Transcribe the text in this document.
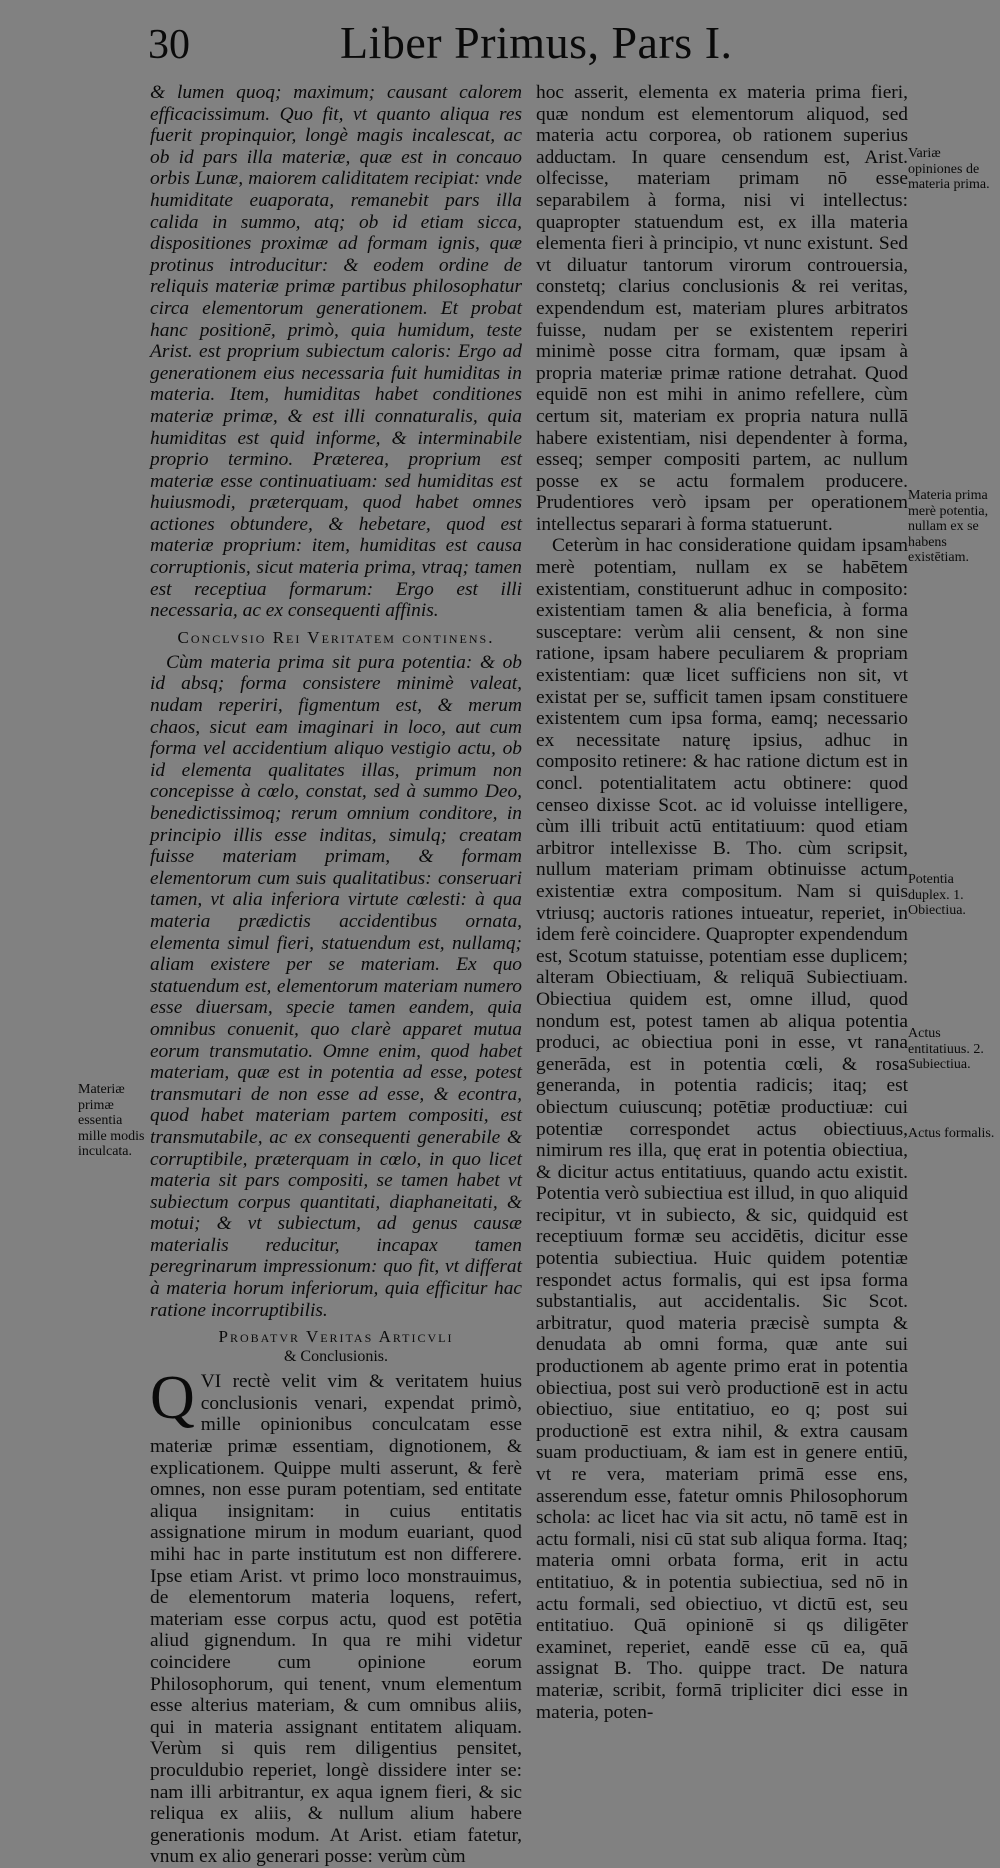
30	Liber Primus, Pars I.

& lumen quoq; maximum; causant calorem efficacissimum. Quo fit, vt quanto aliqua res fuerit propinquior, longè magis incalescat, ac ob id pars illa materiæ, quæ est in concauo orbis Lunæ, maiorem caliditatem recipiat: vnde humiditate euaporata, remanebit pars illa calida in summo, atq; ob id etiam sicca, dispositiones proximæ ad formam ignis, quæ protinus introducitur: & eodem ordine de reliquis materiæ primæ partibus philosophatur circa elementorum generationem. Et probat hanc positionē, primò, quia humidum, teste Arist. est proprium subiectum caloris: Ergo ad generationem eius necessaria fuit humiditas in materia. Item, humiditas habet conditiones materiæ primæ, & est illi connaturalis, quia humiditas est quid informe, & interminabile proprio termino. Præterea, proprium est materiæ esse continuatiuam: sed humiditas est huiusmodi, præterquam, quod habet omnes actiones obtundere, & hebetare, quod est materiæ proprium: item, humiditas est causa corruptionis, sicut materia prima, vtraq; tamen est receptiua formarum: Ergo est illi necessaria, ac ex consequenti affinis.

Conclvsio Rei Veritatem continens.

Cùm materia prima sit pura potentia: & ob id absq; forma consistere minimè valeat, nudam reperiri, figmentum est, & merum chaos, sicut eam imaginari in loco, aut cum forma vel accidentium aliquo vestigio actu, ob id elementa qualitates illas, primum non concepisse à cœlo, constat, sed à summo Deo, benedictissimoq; rerum omnium conditore, in principio illis esse inditas, simulq; creatam fuisse materiam primam, & formam elementorum cum suis qualitatibus: conseruari tamen, vt alia inferiora virtute cœlesti: à qua materia prædictis accidentibus ornata, elementa simul fieri, statuendum est, nullamq; aliam existere per se materiam. Ex quo statuendum est, elementorum materiam numero esse diuersam, specie tamen eandem, quia omnibus conuenit, quo clarè apparet mutua eorum transmutatio. Omne enim, quod habet materiam, quæ est in potentia ad esse, potest transmutari de non esse ad esse, & econtra, quod habet materiam partem compositi, est transmutabile, ac ex consequenti generabile & corruptibile, præterquam in cœlo, in quo licet materia sit pars compositi, se tamen habet vt subiectum corpus quantitati, diaphaneitati, & motui; & vt subiectum, ad genus causæ materialis reducitur, incapax tamen peregrinarum impressionum: quo fit, vt differat à materia horum inferiorum, quia efficitur hac ratione incorruptibilis.

Probatvr Veritas Articvli
& Conclusionis.

Q VI rectè velit vim & veritatem huius conclusionis venari, expendat primò, mille opinionibus conculcatam esse materiæ primæ essentiam, dignotionem, & explicationem. Quippe multi asserunt, & ferè omnes, non esse puram potentiam, sed entitate aliqua insignitam: in cuius entitatis assignatione mirum in modum euariant, quod mihi hac in parte institutum est non differere. Ipse etiam Arist. vt primo loco monstrauimus, de elementorum materia loquens, refert, materiam esse corpus actu, quod est potētia aliud gignendum. In qua re mihi videtur coincidere cum opinione eorum Philosophorum, qui tenent, vnum elementum esse alterius materiam, & cum omnibus aliis, qui in materia assignant entitatem aliquam. Verùm si quis rem diligentius pensitet, proculdubio reperiet, longè dissidere inter se: nam illi arbitrantur, ex aqua ignem fieri, & sic reliqua ex aliis, & nullum alium habere generationis modum. At Arist. etiam fatetur, vnum ex alio generari posse: verùm cùm

hoc asserit, elementa ex materia prima fieri, quæ nondum est elementorum aliquod, sed materia actu corporea, ob rationem superius adductam. In quare censendum est, Arist. olfecisse, materiam primam nō esse separabilem à forma, nisi vi intellectus: quapropter statuendum est, ex illa materia elementa fieri à principio, vt nunc existunt. Sed vt diluatur tantorum virorum controuersia, constetq; clarius conclusionis & rei veritas, expendendum est, materiam plures arbitratos fuisse, nudam per se existentem reperiri minimè posse citra formam, quæ ipsam à propria materiæ primæ ratione detrahat. Quod equidē non est mihi in animo refellere, cùm certum sit, materiam ex propria natura nullā habere existentiam, nisi dependenter à forma, esseq; semper compositi partem, ac nullum posse ex se actu formalem producere. Prudentiores verò ipsam per operationem intellectus separari à forma statuerunt.

Ceterùm in hac consideratione quidam ipsam merè potentiam, nullam ex se habētem existentiam, constituerunt adhuc in composito: existentiam tamen & alia beneficia, à forma susceptare: verùm alii censent, & non sine ratione, ipsam habere peculiarem & propriam existentiam: quæ licet sufficiens non sit, vt existat per se, sufficit tamen ipsam constituere existentem cum ipsa forma, eamq; necessario ex necessitate naturę ipsius, adhuc in composito retinere: & hac ratione dictum est in concl. potentialitatem actu obtinere: quod censeo dixisse Scot. ac id voluisse intelligere, cùm illi tribuit actū entitatiuum: quod etiam arbitror intellexisse B. Tho. cùm scripsit, nullum materiam primam obtinuisse actum existentiæ extra compositum. Nam si quis vtriusq; auctoris rationes intueatur, reperiet, in idem ferè coincidere. Quapropter expendendum est, Scotum statuisse, potentiam esse duplicem; alteram Obiectiuam, & reliquā Subiectiuam. Obiectiua quidem est, omne illud, quod nondum est, potest tamen ab aliqua potentia produci, ac obiectiua poni in esse, vt rana generāda, est in potentia cœli, & rosa generanda, in potentia radicis; itaq; est obiectum cuiuscunq; potētiæ productiuæ: cui potentiæ correspondet actus obiectiuus, nimirum res illa, quę erat in potentia obiectiua, & dicitur actus entitatiuus, quando actu existit. Potentia verò subiectiua est illud, in quo aliquid recipitur, vt in subiecto, & sic, quidquid est receptiuum formæ seu accidētis, dicitur esse potentia subiectiua. Huic quidem potentiæ respondet actus formalis, qui est ipsa forma substantialis, aut accidentalis. Sic Scot. arbitratur, quod materia præcisè sumpta & denudata ab omni forma, quæ ante sui productionem ab agente primo erat in potentia obiectiua, post sui verò productionē est in actu obiectiuo, siue entitatiuo, eo q; post sui productionē est extra nihil, & extra causam suam productiuam, & iam est in genere entiū, vt re vera, materiam primā esse ens, asserendum esse, fatetur omnis Philosophorum schola: ac licet hac via sit actu, nō tamē est in actu formali, nisi cū stat sub aliqua forma. Itaq; materia omni orbata forma, erit in actu entitatiuo, & in potentia subiectiua, sed nō in actu formali, sed obiectiuo, vt dictū est, seu entitatiuo. Quā opinionē si qs diligēter examinet, reperiet, eandē esse cū ea, quā assignat B. Tho. quippe tract. De natura materiæ, scribit, formā tripliciter dici esse in materia, poten-

Materiæ primæ essentia mille modis inculcata.
Variæ opiniones de materia prima.
Materia prima merè potentia, nullam ex se habens existētiam.
Potentia duplex. 1. Obiectiua.
Actus entitatiuus. 2. Subiectiua.
Actus formalis.
